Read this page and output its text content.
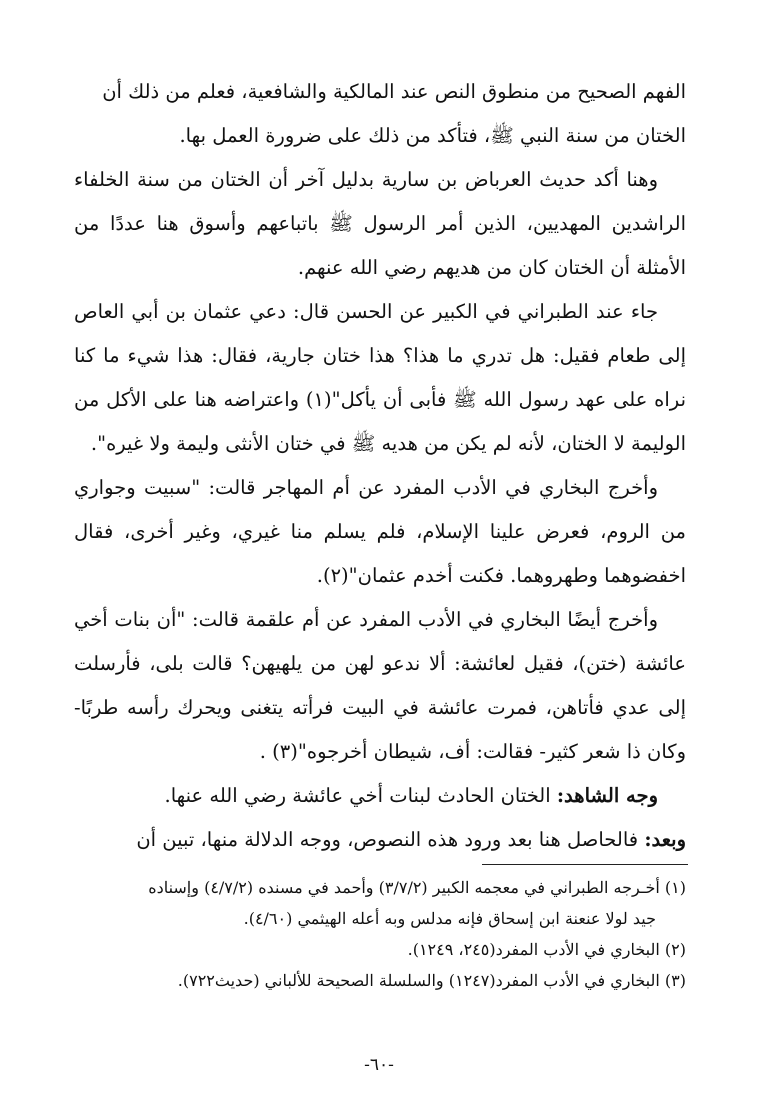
الفهم الصحيح من منطوق النص عند المالكية والشافعية، فعلم من ذلك أن
الختان من سنة النبي ﷺ، فتأكد من ذلك على ضرورة العمل بها.

وهنا أكد حديث العرباض بن سارية بدليل آخر أن الختان من سنة الخلفاء الراشدين المهديين، الذين أمر الرسول ﷺ باتباعهم وأسوق هنا عددًا من الأمثلة أن الختان كان من هديهم رضي الله عنهم.

جاء عند الطبراني في الكبير عن الحسن قال: دعي عثمان بن أبي العاص إلى طعام فقيل: هل تدري ما هذا؟ هذا ختان جارية، فقال: هذا شيء ما كنا نراه على عهد رسول الله ﷺ فأبى أن يأكل"(١) واعتراضه هنا على الأكل من الوليمة لا الختان، لأنه لم يكن من هديه ﷺ في ختان الأنثى وليمة ولا غيره".

وأخرج البخاري في الأدب المفرد عن أم المهاجر قالت: "سبيت وجواري من الروم، فعرض علينا الإسلام، فلم يسلم منا غيري، وغير أخرى، فقال اخفضوهما وطهروهما. فكنت أخدم عثمان"(٢).

وأخرج أيضًا البخاري في الأدب المفرد عن أم علقمة قالت: "أن بنات أخي عائشة (ختن)، فقيل لعائشة: ألا ندعو لهن من يلهيهن؟ قالت بلى، فأرسلت إلى عدي فأتاهن، فمرت عائشة في البيت فرأته يتغنى ويحرك رأسه طربًا- وكان ذا شعر كثير- فقالت: أف، شيطان أخرجوه"(٣) .

وجه الشاهد: الختان الحادث لبنات أخي عائشة رضي الله عنها.

وبعد: فالحاصل هنا بعد ورود هذه النصوص، ووجه الدلالة منها، تبين أن

(١) أخـرجه الطبراني في معجمه الكبير (٣/٧/٢) وأحمد في مسنده (٤/٧/٢) وإسناده

جيد لولا عنعنة ابن إسحاق فإنه مدلس وبه أعله الهيثمي (٤/٦٠).

(٢) البخاري في الأدب المفرد(٢٤٥، ١٢٤٩).

(٣) البخاري في الأدب المفرد(١٢٤٧) والسلسلة الصحيحة للألباني (حديث٧٢٢).

-٦٠-
